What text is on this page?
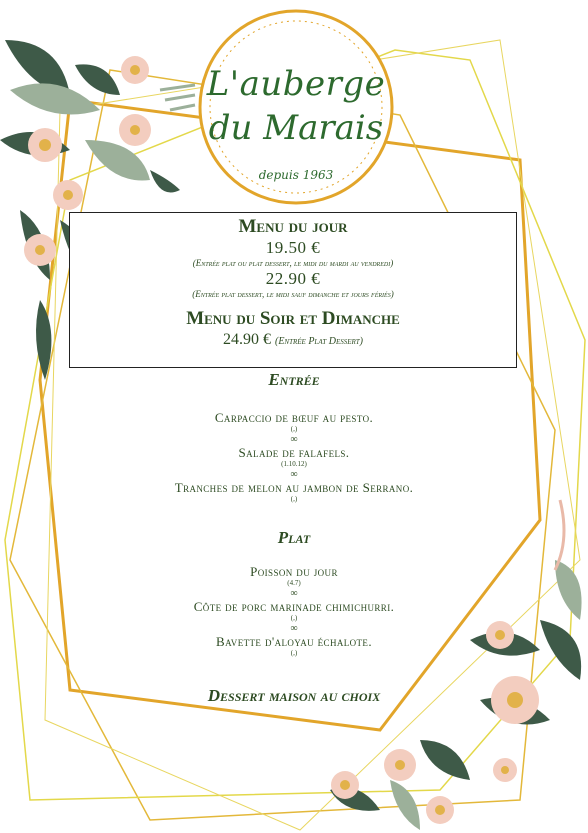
L'auberge
du Marais
depuis 1963
Menu du jour
19.50 €
(Entrée plat ou plat dessert, le midi du mardi au vendredi)
22.90 €
(Entrée plat dessert, le midi sauf dimanche et jours fériés)
Menu du Soir et Dimanche
24.90 € (Entrée Plat Dessert)
Entrée
Carpaccio de bœuf au pesto.
(,)
∞
Salade de falafels.
(1.10.12)
∞
Tranches de melon au jambon de Serrano.
(,)
Plat
Poisson du jour
(4.7)
∞
Côte de porc marinade chimichurri.
(,)
∞
Bavette d'aloyau échalote.
(,)
Dessert maison au choix
